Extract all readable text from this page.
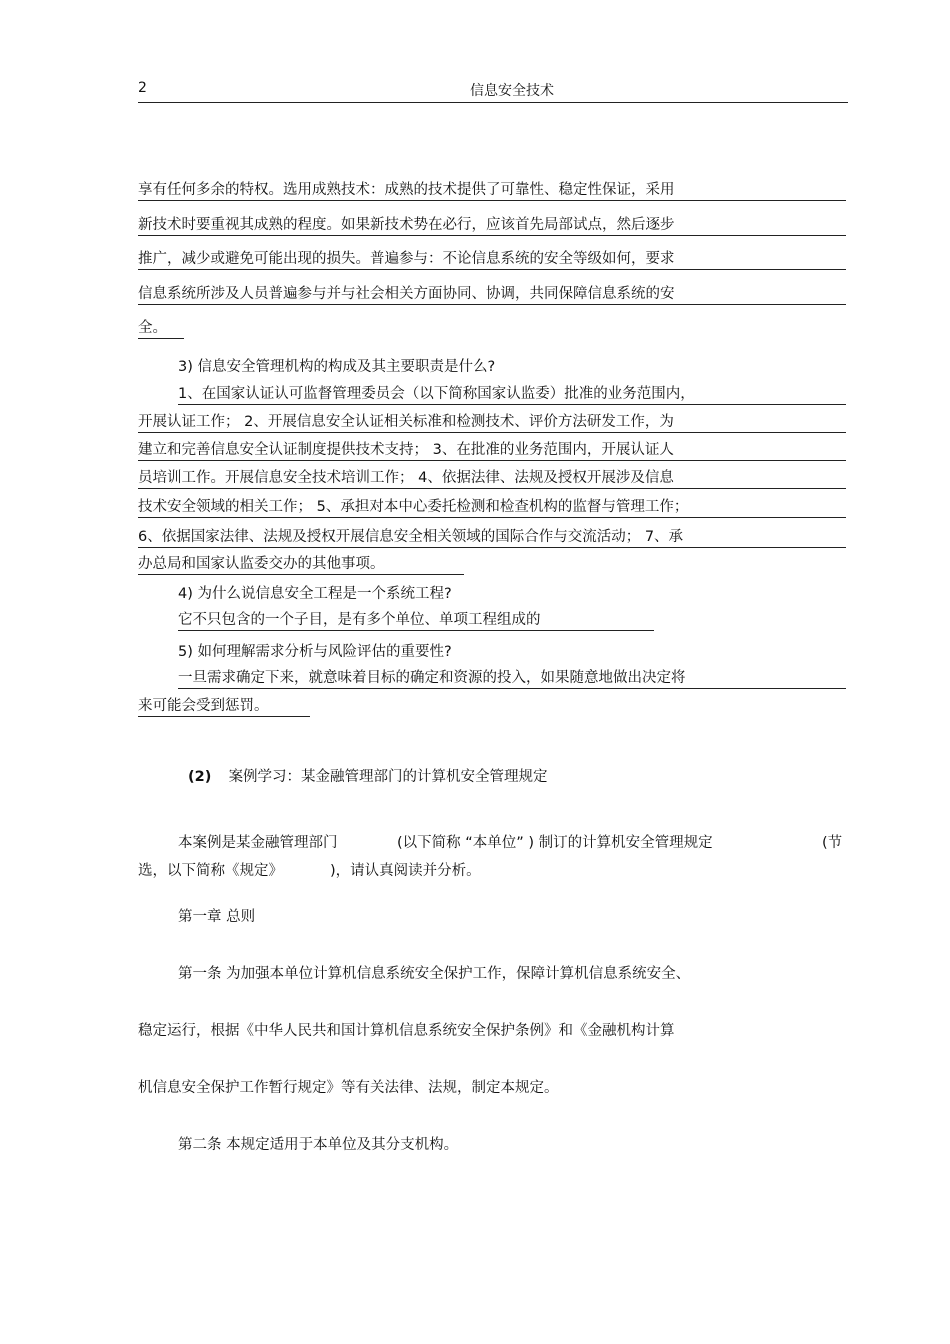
2	信息安全技术
享有任何多余的特权。选用成熟技术：成熟的技术提供了可靠性、稳定性保证，采用
新技术时要重视其成熟的程度。如果新技术势在必行，应该首先局部试点，然后逐步
推广，减少或避免可能出现的损失。普遍参与：不论信息系统的安全等级如何，要求
信息系统所涉及人员普遍参与并与社会相关方面协同、协调，共同保障信息系统的安
全。
3) 信息安全管理机构的构成及其主要职责是什么?
1、在国家认证认可监督管理委员会（以下简称国家认监委）批准的业务范围内，
开展认证工作； 2、开展信息安全认证相关标准和检测技术、评价方法研发工作，为
建立和完善信息安全认证制度提供技术支持； 3、在批准的业务范围内，开展认证人
员培训工作。开展信息安全技术培训工作； 4、依据法律、法规及授权开展涉及信息
技术安全领域的相关工作； 5、承担对本中心委托检测和检查机构的监督与管理工作；
6、依据国家法律、法规及授权开展信息安全相关领域的国际合作与交流活动； 7、承
办总局和国家认监委交办的其他事项。
4) 为什么说信息安全工程是一个系统工程?
它不只包含的一个子目，是有多个单位、单项工程组成的
5) 如何理解需求分析与风险评估的重要性?
一旦需求确定下来，就意味着目标的确定和资源的投入，如果随意地做出决定将
来可能会受到惩罚。
(2) 案例学习：某金融管理部门的计算机安全管理规定
本案例是某金融管理部门	(以下简称 “本单位” ) 制订的计算机安全管理规定	(节
选，以下简称《规定》	)，请认真阅读并分析。
第一章 总则
第一条 为加强本单位计算机信息系统安全保护工作，保障计算机信息系统安全、
稳定运行，根据《中华人民共和国计算机信息系统安全保护条例》和《金融机构计算
机信息安全保护工作暂行规定》等有关法律、法规，制定本规定。
第二条 本规定适用于本单位及其分支机构。
